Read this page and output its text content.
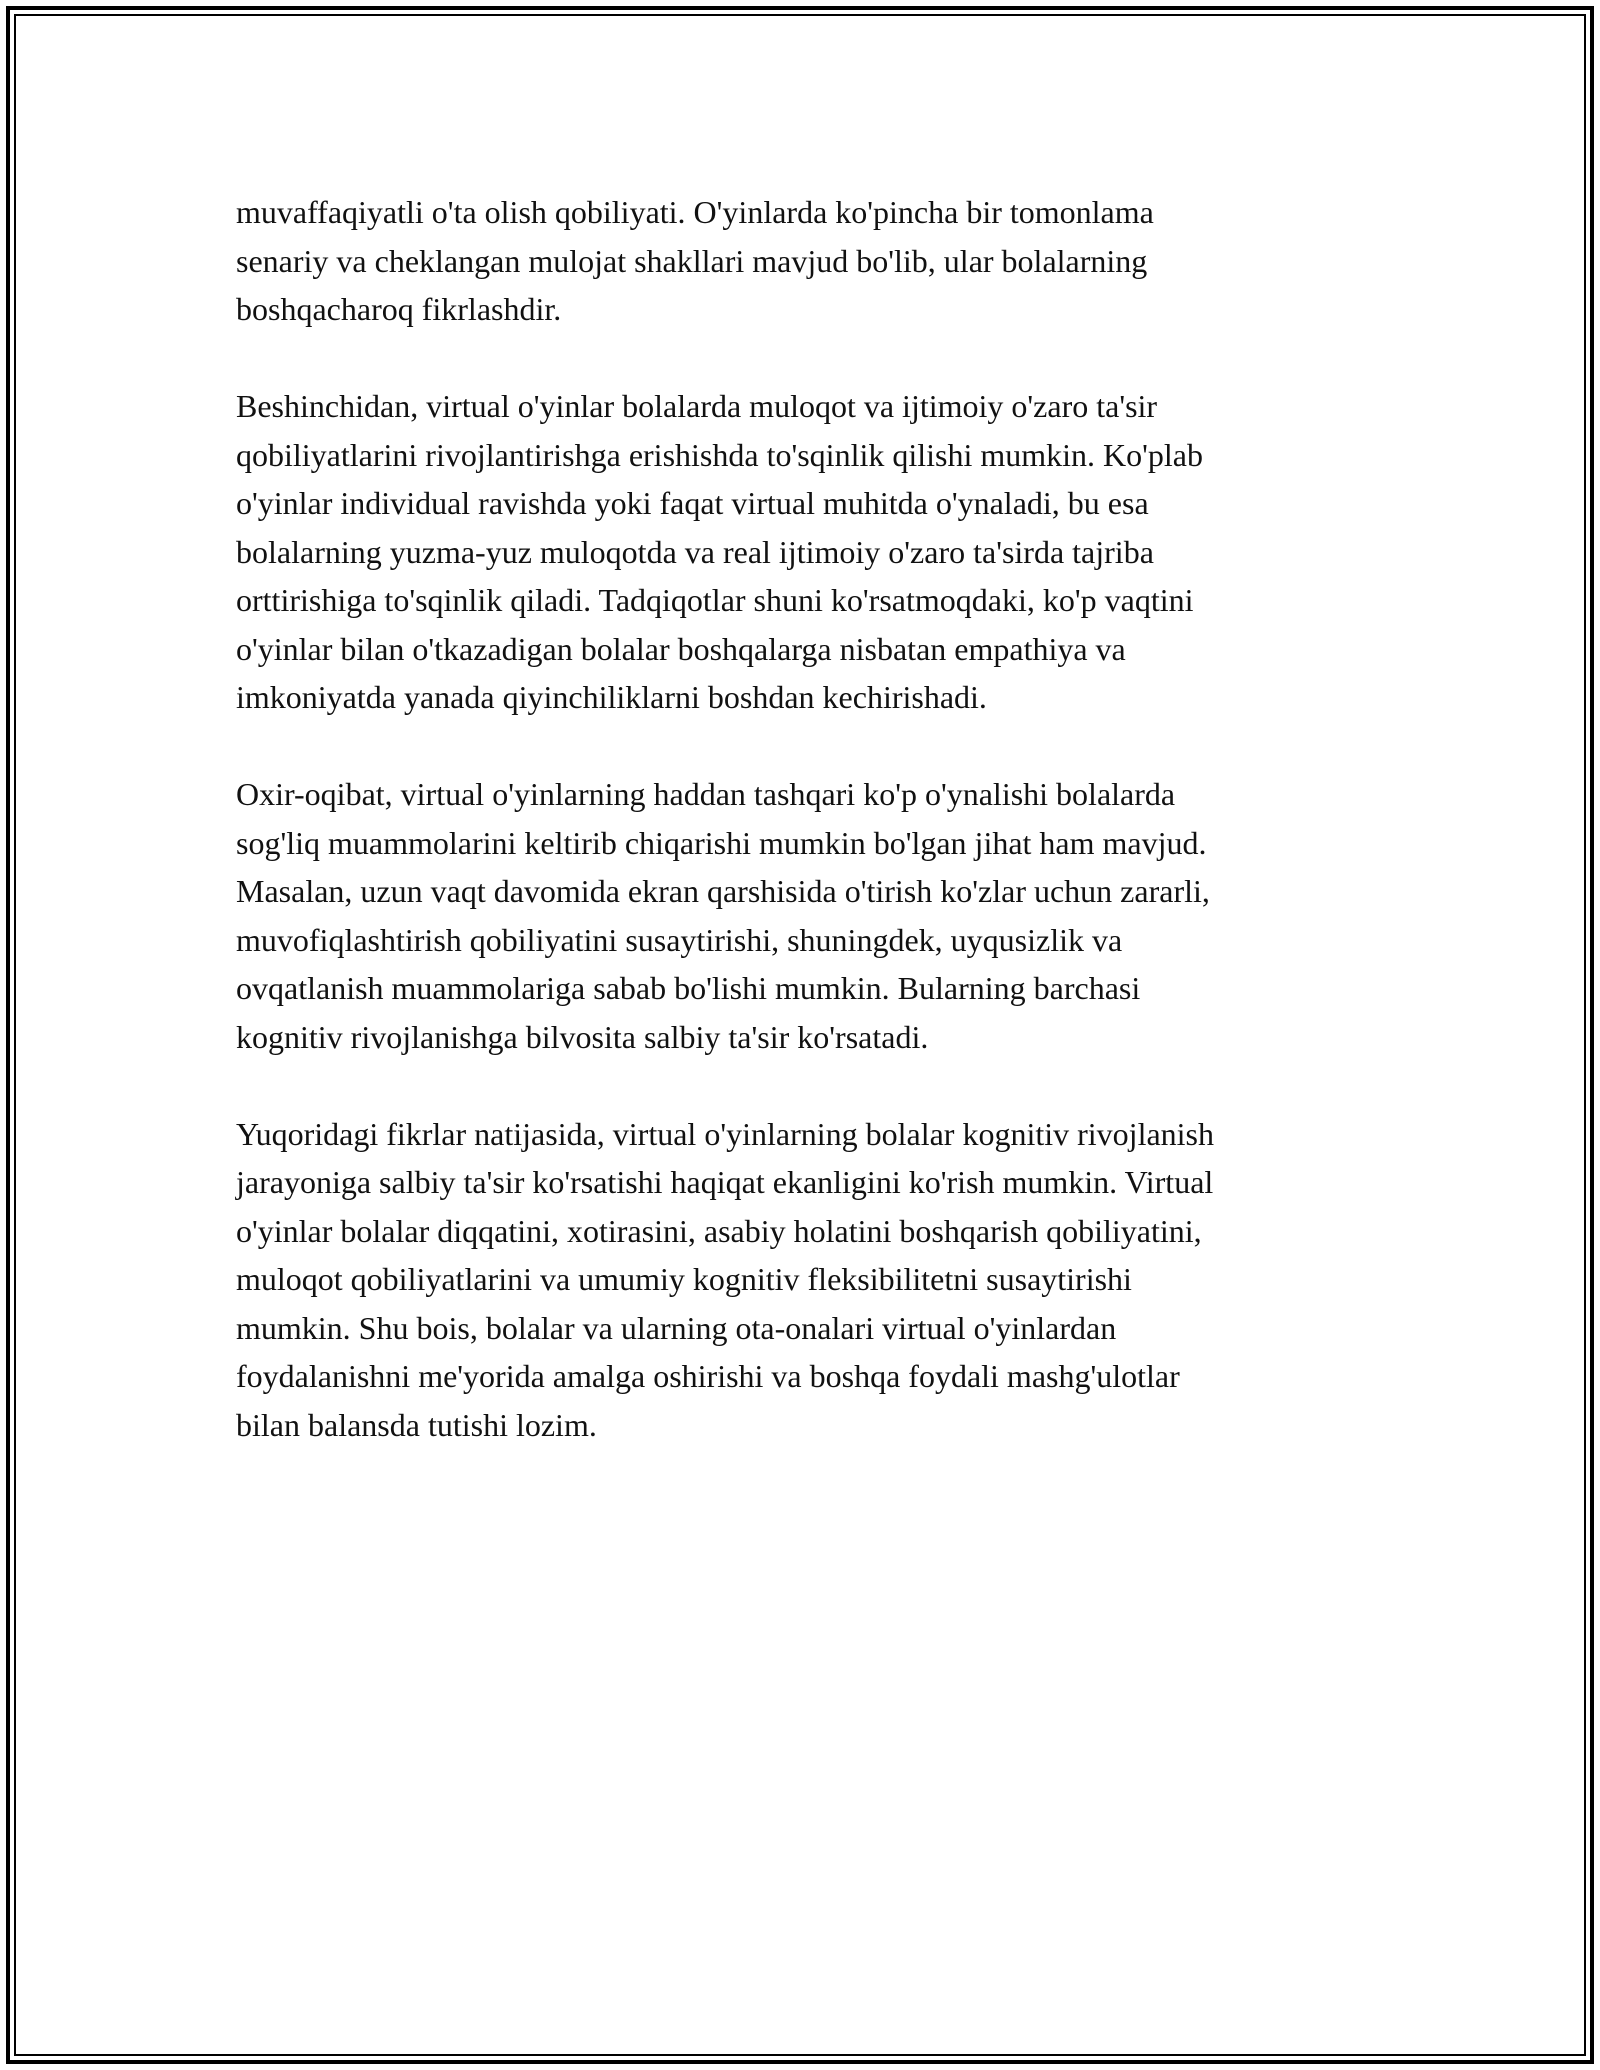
muvaffaqiyatli o'ta olish qobiliyati. O'yinlarda ko'pincha bir tomonlama
senariy va cheklangan mulojat shakllari mavjud bo'lib, ular bolalarning
boshqacharoq fikrlashdir.

Beshinchidan, virtual o'yinlar bolalarda muloqot va ijtimoiy o'zaro ta'sir
qobiliyatlarini rivojlantirishga erishishda to'sqinlik qilishi mumkin. Ko'plab
o'yinlar individual ravishda yoki faqat virtual muhitda o'ynaladi, bu esa
bolalarning yuzma-yuz muloqotda va real ijtimoiy o'zaro ta'sirda tajriba
orttirishiga to'sqinlik qiladi. Tadqiqotlar shuni ko'rsatmoqdaki, ko'p vaqtini
o'yinlar bilan o'tkazadigan bolalar boshqalarga nisbatan empathiya va
imkoniyatda yanada qiyinchiliklarni boshdan kechirishadi.

Oxir-oqibat, virtual o'yinlarning haddan tashqari ko'p o'ynalishi bolalarda
sog'liq muammolarini keltirib chiqarishi mumkin bo'lgan jihat ham mavjud.
Masalan, uzun vaqt davomida ekran qarshisida o'tirish ko'zlar uchun zararli,
muvofiqlashtirish qobiliyatini susaytirishi, shuningdek, uyqusizlik va
ovqatlanish muammolariga sabab bo'lishi mumkin. Bularning barchasi
kognitiv rivojlanishga bilvosita salbiy ta'sir ko'rsatadi.

Yuqoridagi fikrlar natijasida, virtual o'yinlarning bolalar kognitiv rivojlanish
jarayoniga salbiy ta'sir ko'rsatishi haqiqat ekanligini ko'rish mumkin. Virtual
o'yinlar bolalar diqqatini, xotirasini, asabiy holatini boshqarish qobiliyatini,
muloqot qobiliyatlarini va umumiy kognitiv fleksibilitetni susaytirishi
mumkin. Shu bois, bolalar va ularning ota-onalari virtual o'yinlardan
foydalanishni me'yorida amalga oshirishi va boshqa foydali mashg'ulotlar
bilan balansda tutishi lozim.
